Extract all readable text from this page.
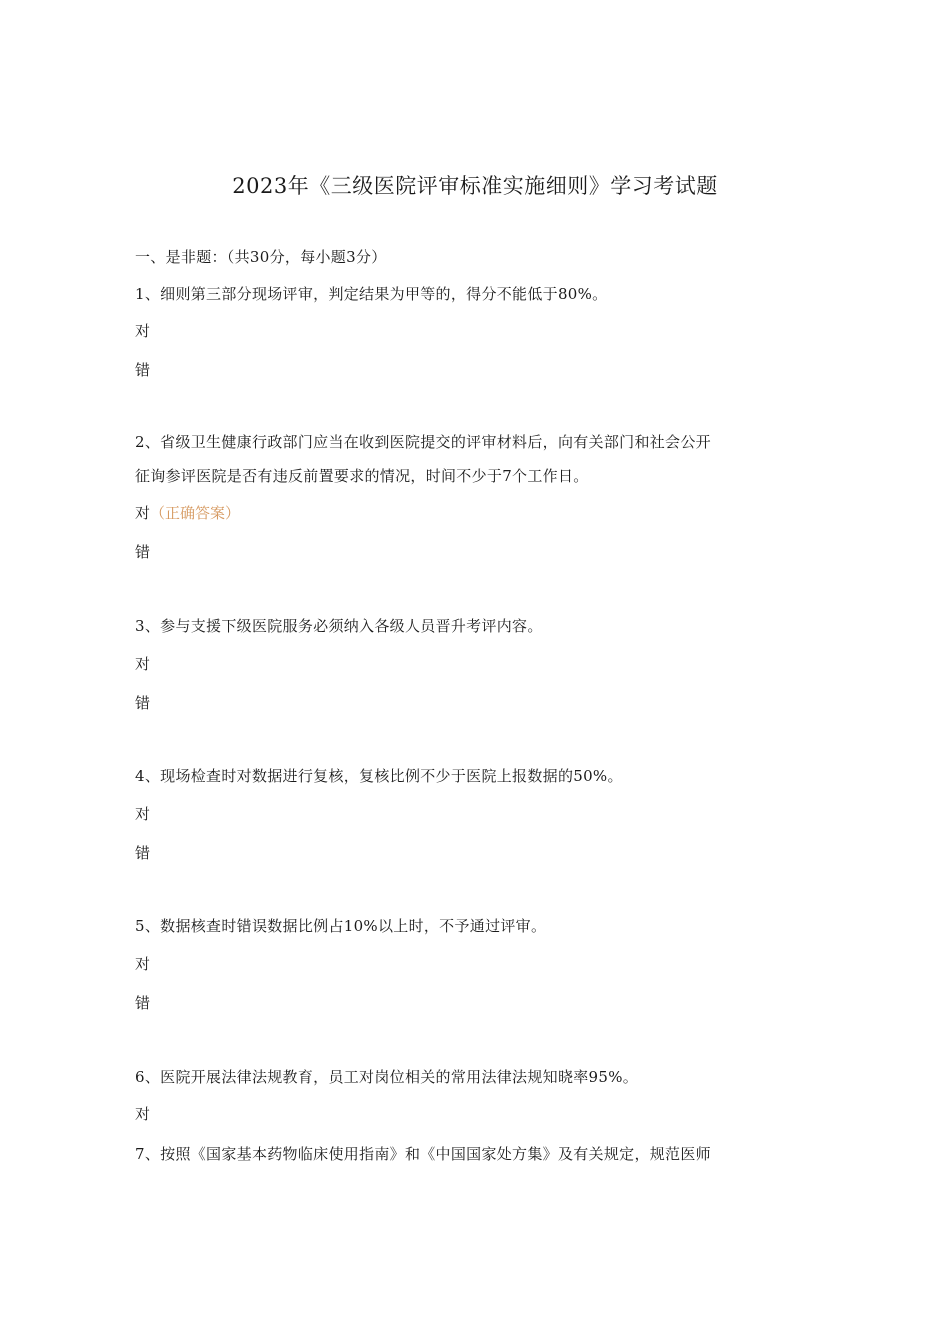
2023年《三级医院评审标准实施细则》学习考试题
一、是非题：（共30分，每小题3分）
1、细则第三部分现场评审，判定结果为甲等的，得分不能低于80%。
对
错
2、省级卫生健康行政部门应当在收到医院提交的评审材料后，向有关部门和社会公开
征询参评医院是否有违反前置要求的情况，时间不少于7个工作日。
对（正确答案）
错
3、参与支援下级医院服务必须纳入各级人员晋升考评内容。
对
错
4、现场检查时对数据进行复核，复核比例不少于医院上报数据的50%。
对
错
5、数据核查时错误数据比例占10%以上时，不予通过评审。
对
错
6、医院开展法律法规教育，员工对岗位相关的常用法律法规知晓率95%。
对
7、按照《国家基本药物临床使用指南》和《中国国家处方集》及有关规定，规范医师
